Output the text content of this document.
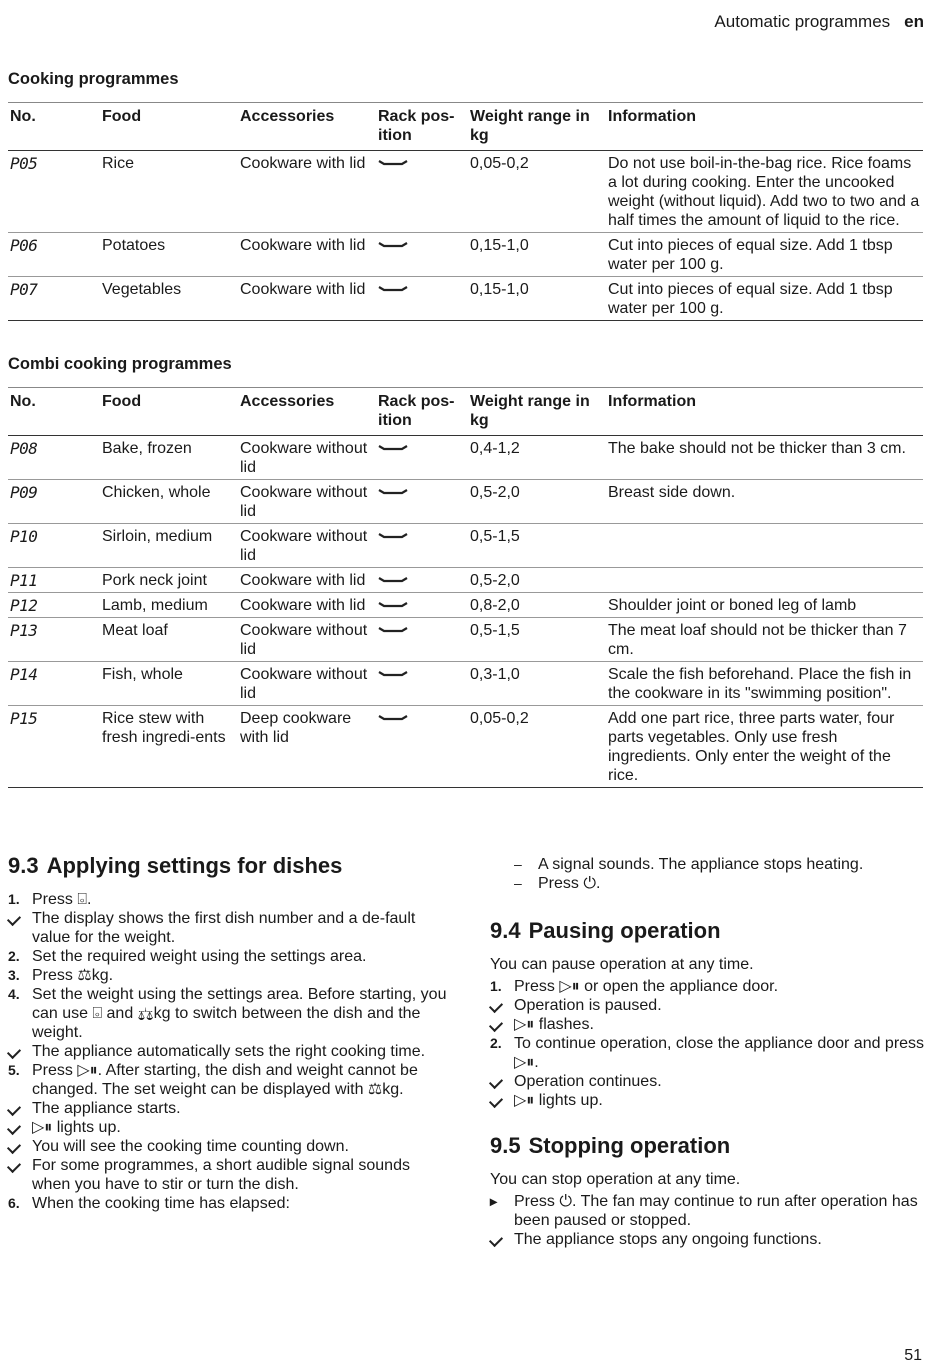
Automatic programmes en
Cooking programmes
No.	Food	Accessories	Rack pos-ition	Weight range in kg	Information
P05	Rice	Cookware with lid		0,05-0,2	Do not use boil-in-the-bag rice. Rice foams a lot during cooking. Enter the uncooked weight (without liquid). Add two to two and a half times the amount of liquid to the rice.
P06	Potatoes	Cookware with lid		0,15-1,0	Cut into pieces of equal size. Add 1 tbsp water per 100 g.
P07	Vegetables	Cookware with lid		0,15-1,0	Cut into pieces of equal size. Add 1 tbsp water per 100 g.
Combi cooking programmes
No.	Food	Accessories	Rack pos-ition	Weight range in kg	Information
P08	Bake, frozen	Cookware without lid		0,4-1,2	The bake should not be thicker than 3 cm.
P09	Chicken, whole	Cookware without lid		0,5-2,0	Breast side down.
P10	Sirloin, medium	Cookware without lid		0,5-1,5	
P11	Pork neck joint	Cookware with lid		0,5-2,0	
P12	Lamb, medium	Cookware with lid		0,8-2,0	Shoulder joint or boned leg of lamb
P13	Meat loaf	Cookware without lid		0,5-1,5	The meat loaf should not be thicker than 7 cm.
P14	Fish, whole	Cookware without lid		0,3-1,0	Scale the fish beforehand. Place the fish in the cookware in its "swimming position".
P15	Rice stew with fresh ingredi-ents	Deep cookware with lid		0,05-0,2	Add one part rice, three parts water, four parts vegetables. Only use fresh ingredients. Only enter the weight of the rice.
9.3 Applying settings for dishes
1. Press ⌻.
The display shows the first dish number and a de-fault value for the weight.
2. Set the required weight using the settings area.
3. Press ⚖kg.
4. Set the weight using the settings area. Before starting, you can use ⌻ and ⚖kg to switch between the dish and the weight.
The appliance automatically sets the right cooking time.
5. Press ▷⏸. After starting, the dish and weight cannot be changed. The set weight can be displayed with ⚖kg.
The appliance starts.
▷⏸ lights up.
You will see the cooking time counting down.
For some programmes, a short audible signal sounds when you have to stir or turn the dish.
6. When the cooking time has elapsed:
– A signal sounds. The appliance stops heating.
– Press ⏻.
9.4 Pausing operation
You can pause operation at any time.
1. Press ▷⏸ or open the appliance door.
Operation is paused.
▷⏸ flashes.
2. To continue operation, close the appliance door and press ▷⏸.
Operation continues.
▷⏸ lights up.
9.5 Stopping operation
You can stop operation at any time.
▸ Press ⏻. The fan may continue to run after operation has been paused or stopped.
The appliance stops any ongoing functions.
51
